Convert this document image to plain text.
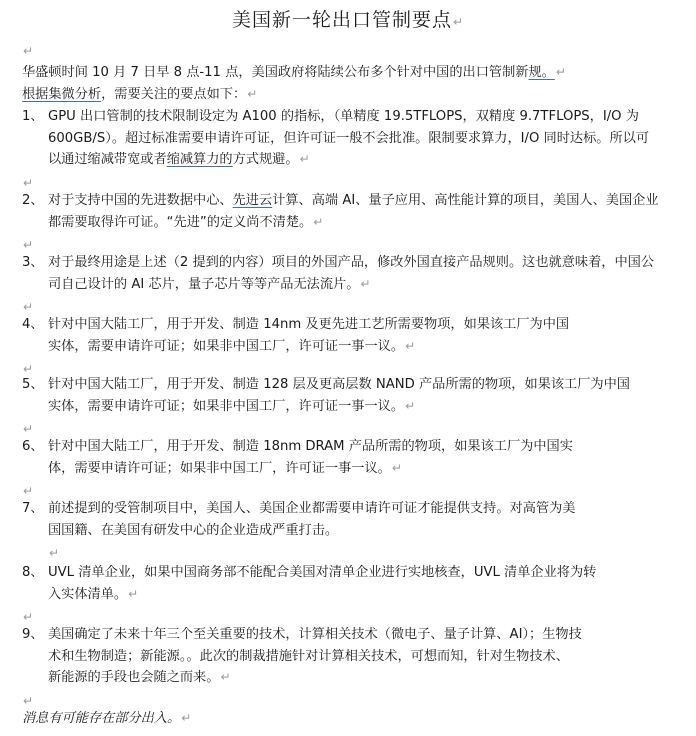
美国新一轮出口管制要点↵
↵
华盛顿时间 10 月 7 日早 8 点-11 点，美国政府将陆续公布多个针对中国的出口管制新规。↵
根据集微分析，需要关注的要点如下：↵
1、 GPU 出口管制的技术限制设定为 A100 的指标，（单精度 19.5TFLOPS，双精度 9.7TFLOPS，I/O 为 600GB/S）。超过标准需要申请许可证，但许可证一般不会批准。限制要求算力，I/O 同时达标。所以可以通过缩减带宽或者缩减算力的方式规避。↵
↵
2、 对于支持中国的先进数据中心、先进云计算、高端 AI、量子应用、高性能计算的项目，美国人、美国企业都需要取得许可证。“先进”的定义尚不清楚。↵
↵
3、 对于最终用途是上述（2 提到的内容）项目的外国产品，修改外国直接产品规则。这也就意味着，中国公司自己设计的 AI 芯片，量子芯片等等产品无法流片。↵
↵
4、 针对中国大陆工厂，用于开发、制造 14nm 及更先进工艺所需要物项，如果该工厂为中国实体，需要申请许可证；如果非中国工厂，许可证一事一议。↵
↵
5、 针对中国大陆工厂，用于开发、制造 128 层及更高层数 NAND 产品所需的物项，如果该工厂为中国实体，需要申请许可证；如果非中国工厂，许可证一事一议。↵
↵
6、 针对中国大陆工厂，用于开发、制造 18nm DRAM 产品所需的物项，如果该工厂为中国实体，需要申请许可证；如果非中国工厂，许可证一事一议。↵
↵
7、 前述提到的受管制项目中，美国人、美国企业都需要申请许可证才能提供支持。对高管为美国国籍、在美国有研发中心的企业造成严重打击。
↵
8、 UVL 清单企业，如果中国商务部不能配合美国对清单企业进行实地核查，UVL 清单企业将为转入实体清单。↵
↵
9、 美国确定了未来十年三个至关重要的技术，计算相关技术（微电子、量子计算、AI）；生物技术和生物制造；新能源。。此次的制裁措施针对计算相关技术，可想而知，针对生物技术、新能源的手段也会随之而来。↵
↵
消息有可能存在部分出入。↵
